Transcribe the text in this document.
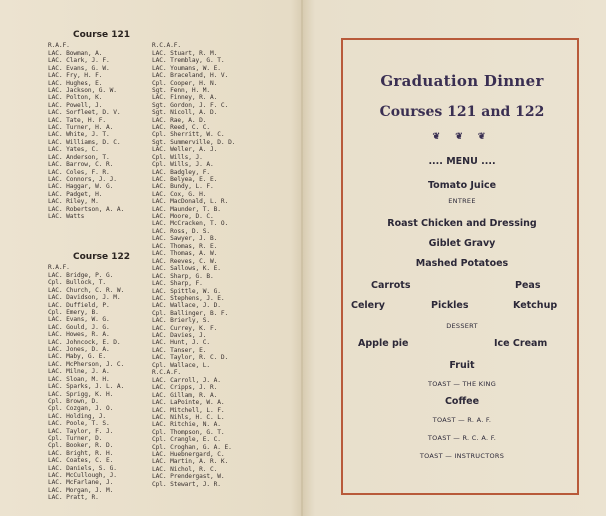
Course 121
R.A.F.	R.C.A.F.
LAC. Bowman, A.
LAC. Clark, J. F.
LAC. Evans, G. W.
LAC. Fry, H. F.
LAC. Hughes, E.
LAC. Jackson, G. W.
LAC. Polton, K.
LAC. Powell, J.
LAC. Sorfleet, D. V.
LAC. Tate, H. F.
LAC. Turner, H. A.
LAC. White, J. T.
LAC. Williams, D. C.
LAC. Yates, C.
LAC. Anderson, T.
LAC. Barrow, C. R.
LAC. Coles, F. R.
LAC. Connors, J. J.
LAC. Haggar, W. G.
LAC. Padget, H.
LAC. Riley, M.
LAC. Robertson, A. A.
LAC. Watts
LAC. Stuart, R. M.
LAC. Tremblay, G. T.
LAC. Youmans, W. E.
LAC. Braceland, H. V.
Cpl. Cooper, H. N.
Sgt. Fenn, H. M.
LAC. Finney, R. A.
Sgt. Gordon, J. F. C.
Sgt. Nicoll, A. D.
LAC. Rae, A. D.
LAC. Reed, C. C.
Cpl. Sherritt, W. C.
Sgt. Summerville, D. D.
LAC. Weller, A. J.
Cpl. Wills, J.
Cpl. Wills, J. A.
LAC. Badgley, F.
LAC. Belyea, E. E.
LAC. Bundy, L. F.
LAC. Cox, G. H.
LAC. MacDonald, L. R.
LAC. Maunder, T. B.
LAC. Moore, D. C.
LAC. McCracken, T. O.
LAC. Ross, D. S.
LAC. Sawyer, J. B.
LAC. Thomas, R. E.
LAC. Thomas, A. W.
Course 122
R.A.F.
LAC. Bridge, P. G.
Cpl. Bullock, T.
LAC. Church, C. R. W.
LAC. Davidson, J. M.
LAC. Duffield, P.
Cpl. Emery, B.
LAC. Evans, W. G.
LAC. Gould, J. G.
LAC. Howes, R. A.
LAC. Johncock, E. D.
LAC. Jones, D. A.
LAC. Maby, G. E.
LAC. McPherson, J. C.
LAC. Milne, J. A.
LAC. Sloan, M. H.
LAC. Sparks, J. L. A.
LAC. Sprigg, K. H.
Cpl. Brown, D.
Cpl. Cozgan, J. O.
LAC. Holding, J.
LAC. Poole, T. S.
LAC. Taylor, F. J.
Cpl. Turner, D.
Cpl. Booker, R. D.
LAC. Bright, R. H.
LAC. Coates, C. E.
LAC. Daniels, S. G.
LAC. McCullough, J.
LAC. McFarlane, J.
LAC. Morgan, J. M.
LAC. Pratt, R.
LAC. Reeves, C. W.
LAC. Sallows, K. E.
LAC. Sharp, G. B.
LAC. Sharp, F.
LAC. Spittle, W. G.
LAC. Stephens, J. E.
LAC. Wallace, J. D.
Cpl. Ballinger, B. F.
LAC. Brierly, S.
LAC. Currey, K. F.
LAC. Davies, J.
LAC. Hunt, J. C.
LAC. Tanser, E.
LAC. Taylor, R. C. D.
Cpl. Wallace, L.
R.C.A.F.
LAC. Carroll, J. A.
LAC. Cripps, J. R.
LAC. Gillam, R. A.
LAC. LaPointe, W. A.
LAC. Mitchell, L. F.
LAC. Nihls, H. C. L.
LAC. Ritchie, N. A.
Cpl. Thompson, G. T.
Cpl. Crangle, E. C.
Cpl. Croghan, G. A. E.
LAC. Huebnergard, C.
LAC. Martin, A. R. K.
LAC. Nichol, R. C.
LAC. Prendergast, W.
Cpl. Stewart, J. R.
Graduation Dinner
Courses 121 and 122
❦ ❦ ❦
.... MENU ....
Tomato Juice
ENTREE
Roast Chicken and Dressing
Giblet Gravy
Mashed Potatoes
Carrots	Peas
Celery	Pickles	Ketchup
DESSERT
Apple pie	Ice Cream
Fruit
TOAST — THE KING
Coffee
TOAST — R. A. F.
TOAST — R. C. A. F.
TOAST — INSTRUCTORS
